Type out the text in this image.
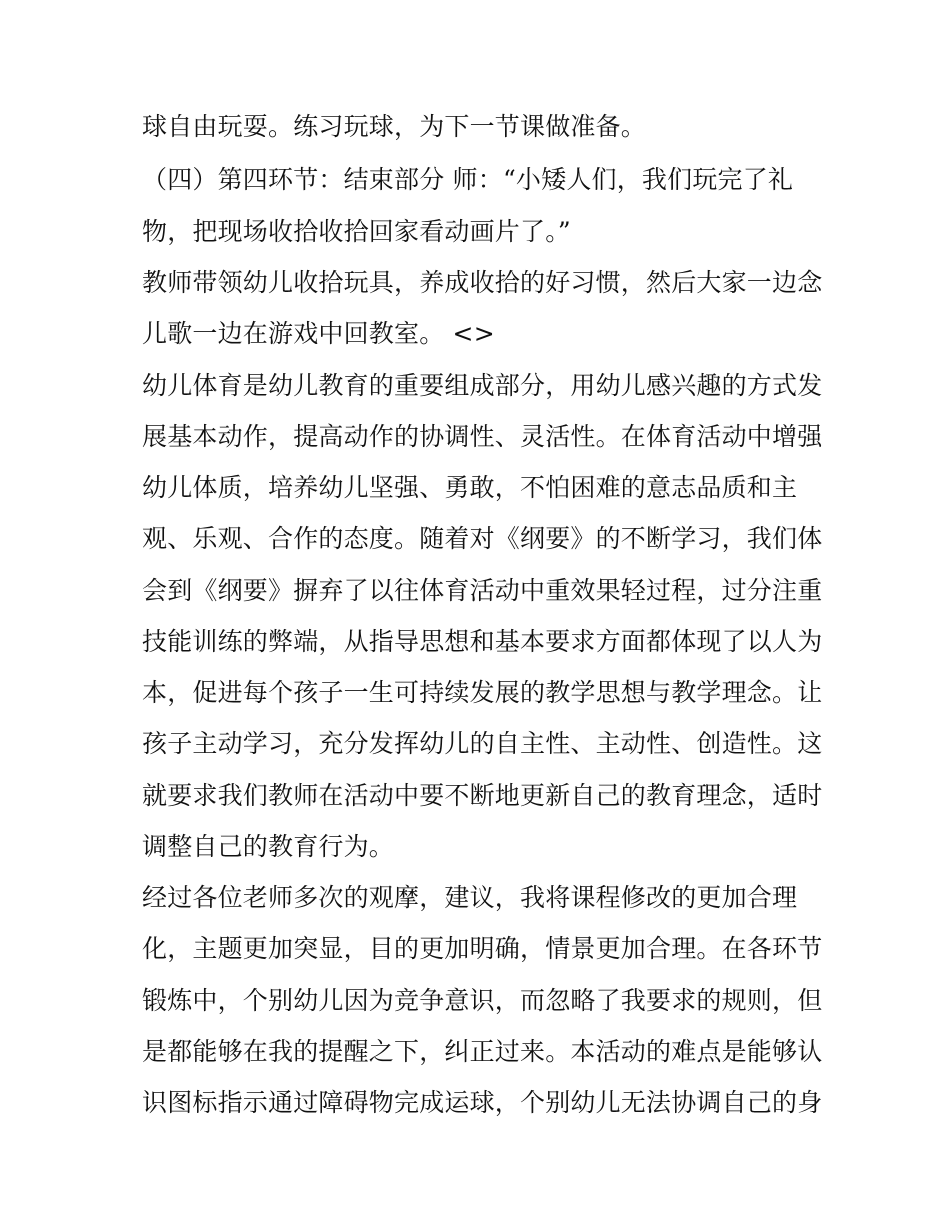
球自由玩耍。练习玩球，为下一节课做准备。
（四）第四环节：结束部分 师：“小矮人们，我们玩完了礼
物，把现场收拾收拾回家看动画片了。”
教师带领幼儿收拾玩具，养成收拾的好习惯，然后大家一边念
儿歌一边在游戏中回教室。 <>
幼儿体育是幼儿教育的重要组成部分，用幼儿感兴趣的方式发
展基本动作，提高动作的协调性、灵活性。在体育活动中增强
幼儿体质，培养幼儿坚强、勇敢，不怕困难的意志品质和主
观、乐观、合作的态度。随着对《纲要》的不断学习，我们体
会到《纲要》摒弃了以往体育活动中重效果轻过程，过分注重
技能训练的弊端，从指导思想和基本要求方面都体现了以人为
本，促进每个孩子一生可持续发展的教学思想与教学理念。让
孩子主动学习，充分发挥幼儿的自主性、主动性、创造性。这
就要求我们教师在活动中要不断地更新自己的教育理念，适时
调整自己的教育行为。
经过各位老师多次的观摩，建议，我将课程修改的更加合理
化，主题更加突显，目的更加明确，情景更加合理。在各环节
锻炼中，个别幼儿因为竞争意识，而忽略了我要求的规则，但
是都能够在我的提醒之下，纠正过来。本活动的难点是能够认
识图标指示通过障碍物完成运球，个别幼儿无法协调自己的身
